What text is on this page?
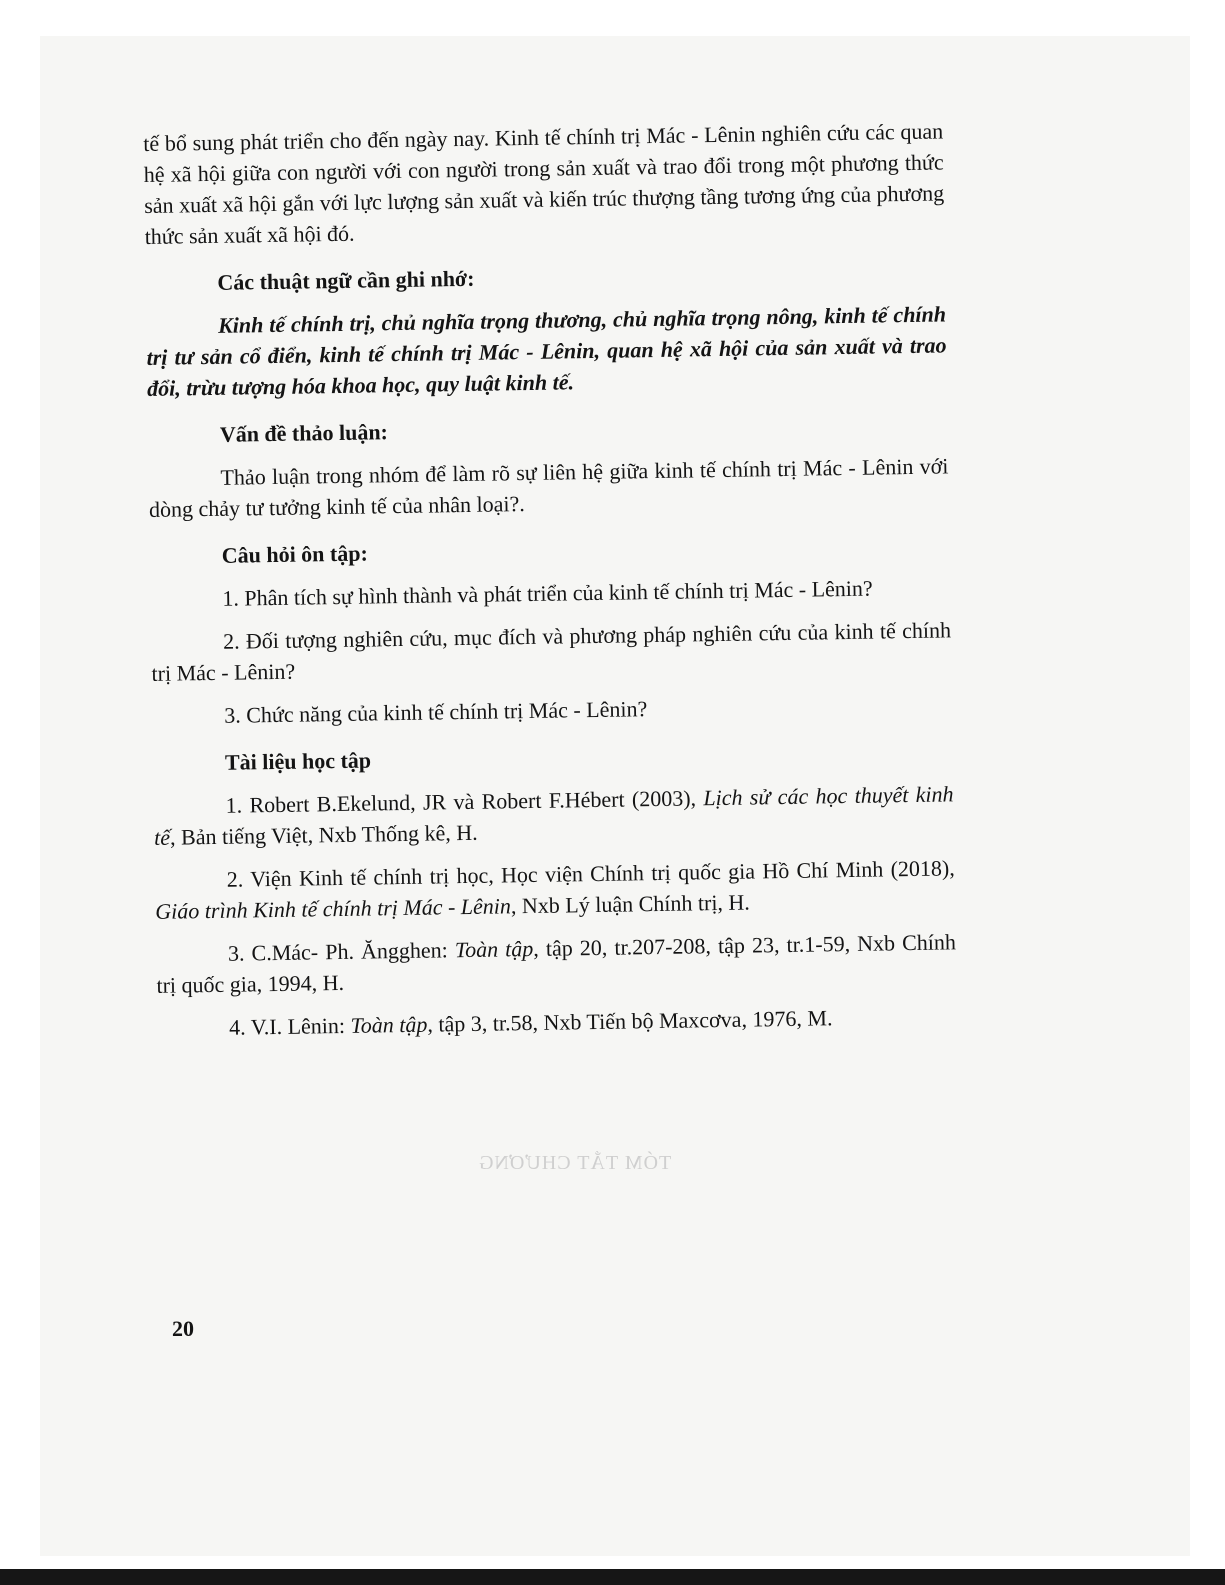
TÓM TẮT CHƯƠNG

tế bổ sung phát triển cho đến ngày nay. Kinh tế chính trị Mác - Lênin nghiên cứu các quan hệ xã hội giữa con người với con người trong sản xuất và trao đổi trong một phương thức sản xuất xã hội gắn với lực lượng sản xuất và kiến trúc thượng tầng tương ứng của phương thức sản xuất xã hội đó.

Các thuật ngữ cần ghi nhớ:

Kinh tế chính trị, chủ nghĩa trọng thương, chủ nghĩa trọng nông, kinh tế chính trị tư sản cổ điển, kinh tế chính trị Mác - Lênin, quan hệ xã hội của sản xuất và trao đổi, trừu tượng hóa khoa học, quy luật kinh tế.

Vấn đề thảo luận:

Thảo luận trong nhóm để làm rõ sự liên hệ giữa kinh tế chính trị Mác - Lênin với dòng chảy tư tưởng kinh tế của nhân loại?.

Câu hỏi ôn tập:

1. Phân tích sự hình thành và phát triển của kinh tế chính trị Mác - Lênin?

2. Đối tượng nghiên cứu, mục đích và phương pháp nghiên cứu của kinh tế chính trị Mác - Lênin?

3. Chức năng của kinh tế chính trị Mác - Lênin?

Tài liệu học tập

1. Robert B.Ekelund, JR và Robert F.Hébert (2003), Lịch sử các học thuyết kinh tế, Bản tiếng Việt, Nxb Thống kê, H.

2. Viện Kinh tế chính trị học, Học viện Chính trị quốc gia Hồ Chí Minh (2018), Giáo trình Kinh tế chính trị Mác - Lênin, Nxb Lý luận Chính trị, H.

3. C.Mác- Ph. Ăngghen: Toàn tập, tập 20, tr.207-208, tập 23, tr.1-59, Nxb Chính trị quốc gia, 1994, H.

4. V.I. Lênin: Toàn tập, tập 3, tr.58, Nxb Tiến bộ Maxcơva, 1976, M.

20
